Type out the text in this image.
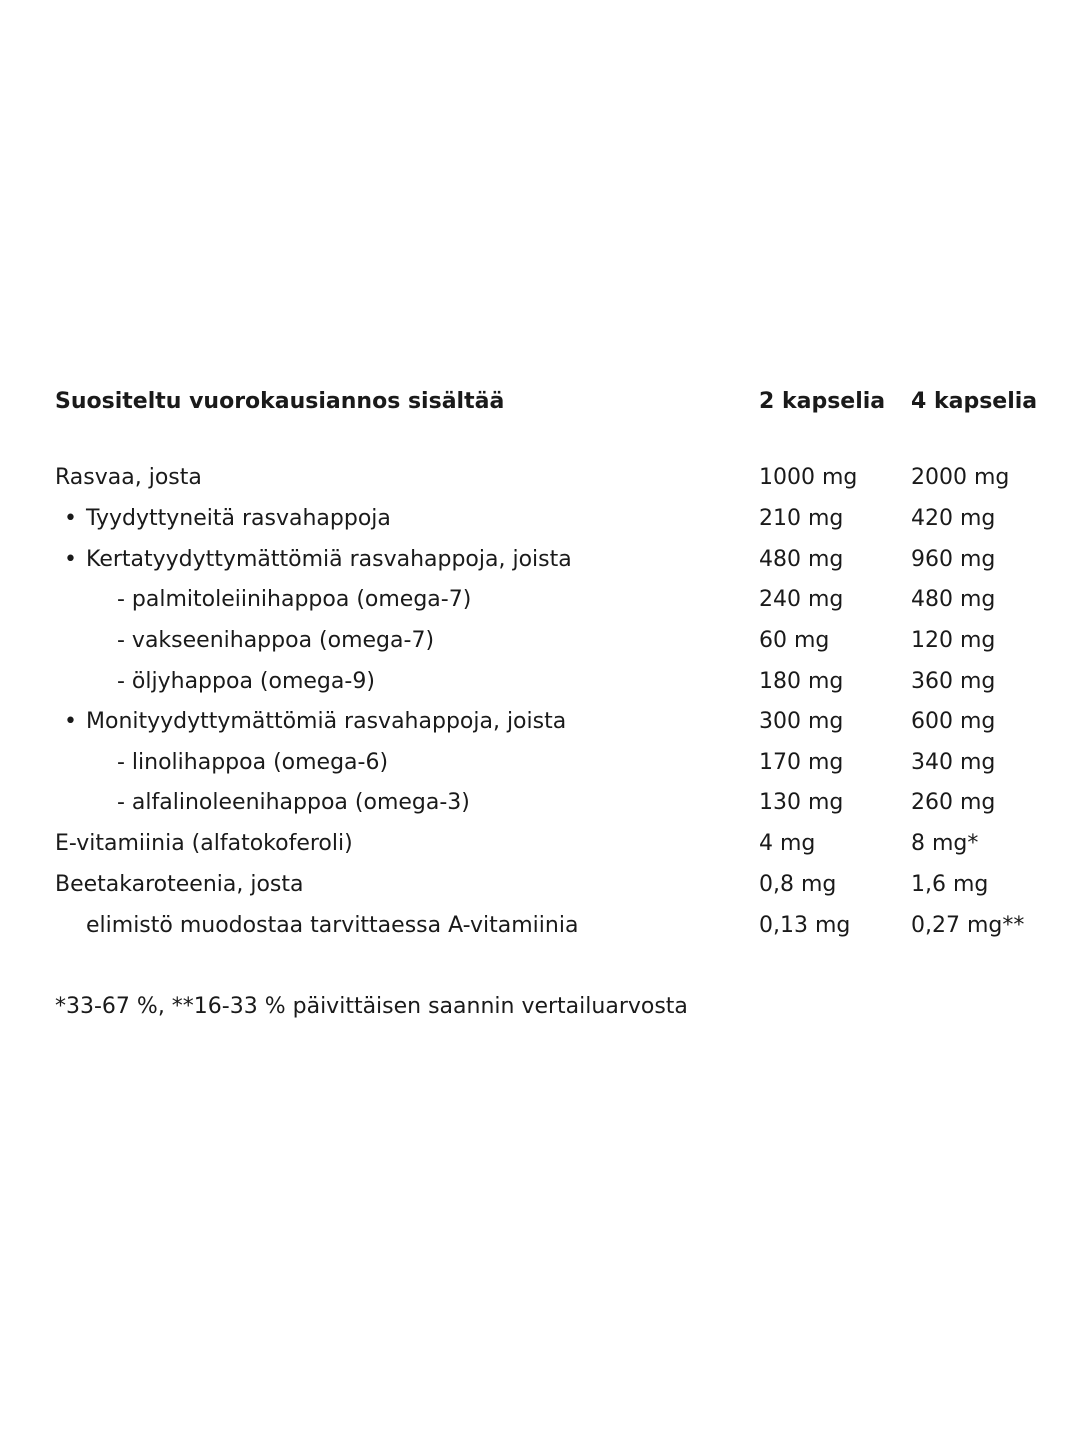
Suositeltu vuorokausiannos sisältää	2 kapselia 4 kapselia
Rasvaa, josta	1000 mg 2000 mg
• Tyydyttyneitä rasvahappoja	210 mg	420 mg
• Kertatyydyttymättömiä rasvahappoja, joista	480 mg	960 mg
- palmitoleiinihappoa (omega-7)	240 mg	480 mg
- vakseenihappoa (omega-7)	60 mg	120 mg
- öljyhappoa (omega-9)	180 mg	360 mg
• Monityydyttymättömiä rasvahappoja, joista	300 mg	600 mg
- linolihappoa (omega-6)	170 mg	340 mg
- alfalinoleenihappoa (omega-3)	130 mg	260 mg
E-vitamiinia (alfatokoferoli)	4 mg	8 mg*
Beetakaroteenia, josta	0,8 mg	1,6 mg
elimistö muodostaa tarvittaessa A-vitamiinia	0,13 mg	0,27 mg**
*33-67 %, **16-33 % päivittäisen saannin vertailuarvosta
